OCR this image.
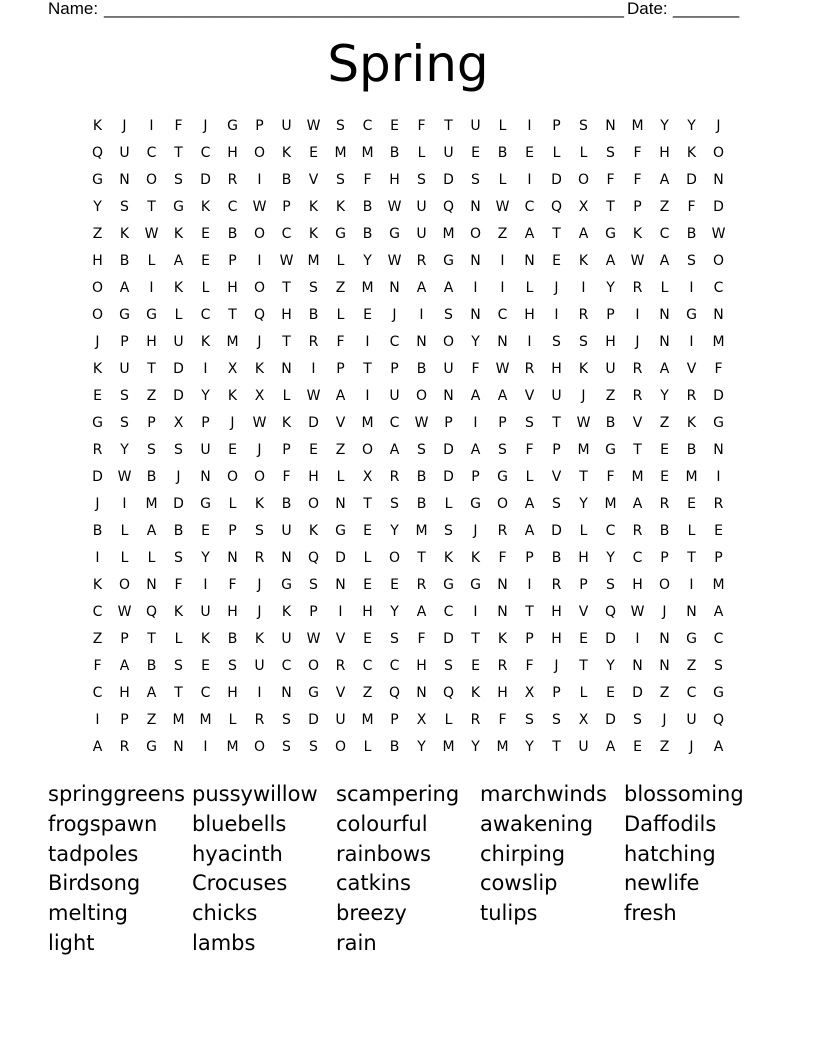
Name: _______________________________________________________ Date: _______
Spring
K	J	I	F	J	G	P	U	W	S	C	E	F	T	U	L	I	P	S	N	M	Y	Y	J
Q	U	C	T	C	H	O	K	E	M	M	B	L	U	E	B	E	L	L	S	F	H	K	O
G	N	O	S	D	R	I	B	V	S	F	H	S	D	S	L	I	D	O	F	F	A	D	N
Y	S	T	G	K	C	W	P	K	K	B	W	U	Q	N	W	C	Q	X	T	P	Z	F	D
Z	K	W	K	E	B	O	C	K	G	B	G	U	M	O	Z	A	T	A	G	K	C	B	W
H	B	L	A	E	P	I	W	M	L	Y	W	R	G	N	I	N	E	K	A	W	A	S	O
O	A	I	K	L	H	O	T	S	Z	M	N	A	A	I	I	L	J	I	Y	R	L	I	C
O	G	G	L	C	T	Q	H	B	L	E	J	I	S	N	C	H	I	R	P	I	N	G	N
J	P	H	U	K	M	J	T	R	F	I	C	N	O	Y	N	I	S	S	H	J	N	I	M
K	U	T	D	I	X	K	N	I	P	T	P	B	U	F	W	R	H	K	U	R	A	V	F
E	S	Z	D	Y	K	X	L	W	A	I	U	O	N	A	A	V	U	J	Z	R	Y	R	D
G	S	P	X	P	J	W	K	D	V	M	C	W	P	I	P	S	T	W	B	V	Z	K	G
R	Y	S	S	U	E	J	P	E	Z	O	A	S	D	A	S	F	P	M	G	T	E	B	N
D	W	B	J	N	O	O	F	H	L	X	R	B	D	P	G	L	V	T	F	M	E	M	I
J	I	M	D	G	L	K	B	O	N	T	S	B	L	G	O	A	S	Y	M	A	R	E	R
B	L	A	B	E	P	S	U	K	G	E	Y	M	S	J	R	A	D	L	C	R	B	L	E
I	L	L	S	Y	N	R	N	Q	D	L	O	T	K	K	F	P	B	H	Y	C	P	T	P
K	O	N	F	I	F	J	G	S	N	E	E	R	G	G	N	I	R	P	S	H	O	I	M
C	W	Q	K	U	H	J	K	P	I	H	Y	A	C	I	N	T	H	V	Q	W	J	N	A
Z	P	T	L	K	B	K	U	W	V	E	S	F	D	T	K	P	H	E	D	I	N	G	C
F	A	B	S	E	S	U	C	O	R	C	C	H	S	E	R	F	J	T	Y	N	N	Z	S
C	H	A	T	C	H	I	N	G	V	Z	Q	N	Q	K	H	X	P	L	E	D	Z	C	G
I	P	Z	M	M	L	R	S	D	U	M	P	X	L	R	F	S	S	X	D	S	J	U	Q
A	R	G	N	I	M	O	S	S	O	L	B	Y	M	Y	M	Y	T	U	A	E	Z	J	A
springgreens pussywillow scampering marchwinds blossoming
frogspawn	bluebells	colourful	awakening	Daffodils
tadpoles	hyacinth	rainbows	chirping	hatching
Birdsong	Crocuses	catkins	cowslip	newlife
melting	chicks	breezy	tulips	fresh
light	lambs	rain
